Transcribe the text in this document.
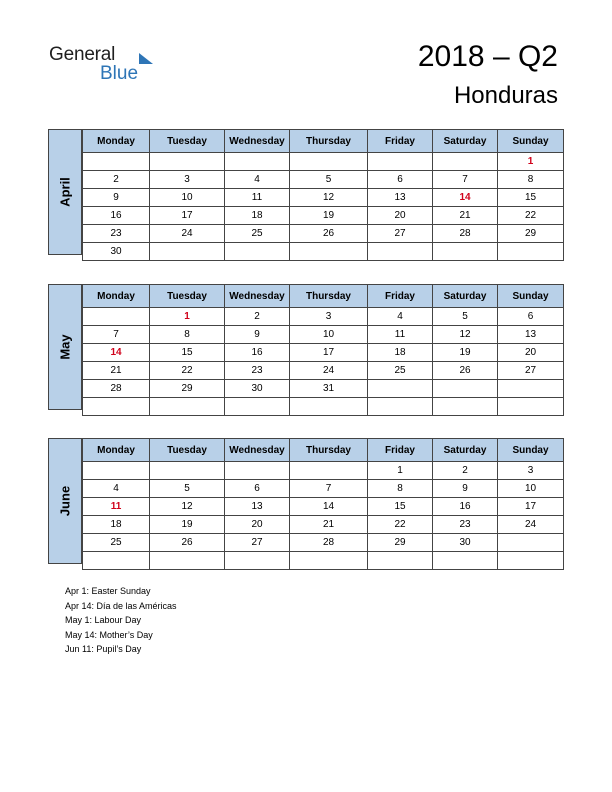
General
Blue
2018 – Q2
Honduras
April
Monday	Tuesday	Wednesday	Thursday	Friday	Saturday	Sunday
						1
2	3	4	5	6	7	8
9	10	11	12	13	14	15
16	17	18	19	20	21	22
23	24	25	26	27	28	29
30						
May
Monday	Tuesday	Wednesday	Thursday	Friday	Saturday	Sunday
	1	2	3	4	5	6
7	8	9	10	11	12	13
14	15	16	17	18	19	20
21	22	23	24	25	26	27
28	29	30	31			

June
Monday	Tuesday	Wednesday	Thursday	Friday	Saturday	Sunday
				1	2	3
4	5	6	7	8	9	10
11	12	13	14	15	16	17
18	19	20	21	22	23	24
25	26	27	28	29	30	

Apr 1: Easter Sunday
Apr 14: Día de las Américas
May 1: Labour Day
May 14: Mother’s Day
Jun 11: Pupil’s Day
